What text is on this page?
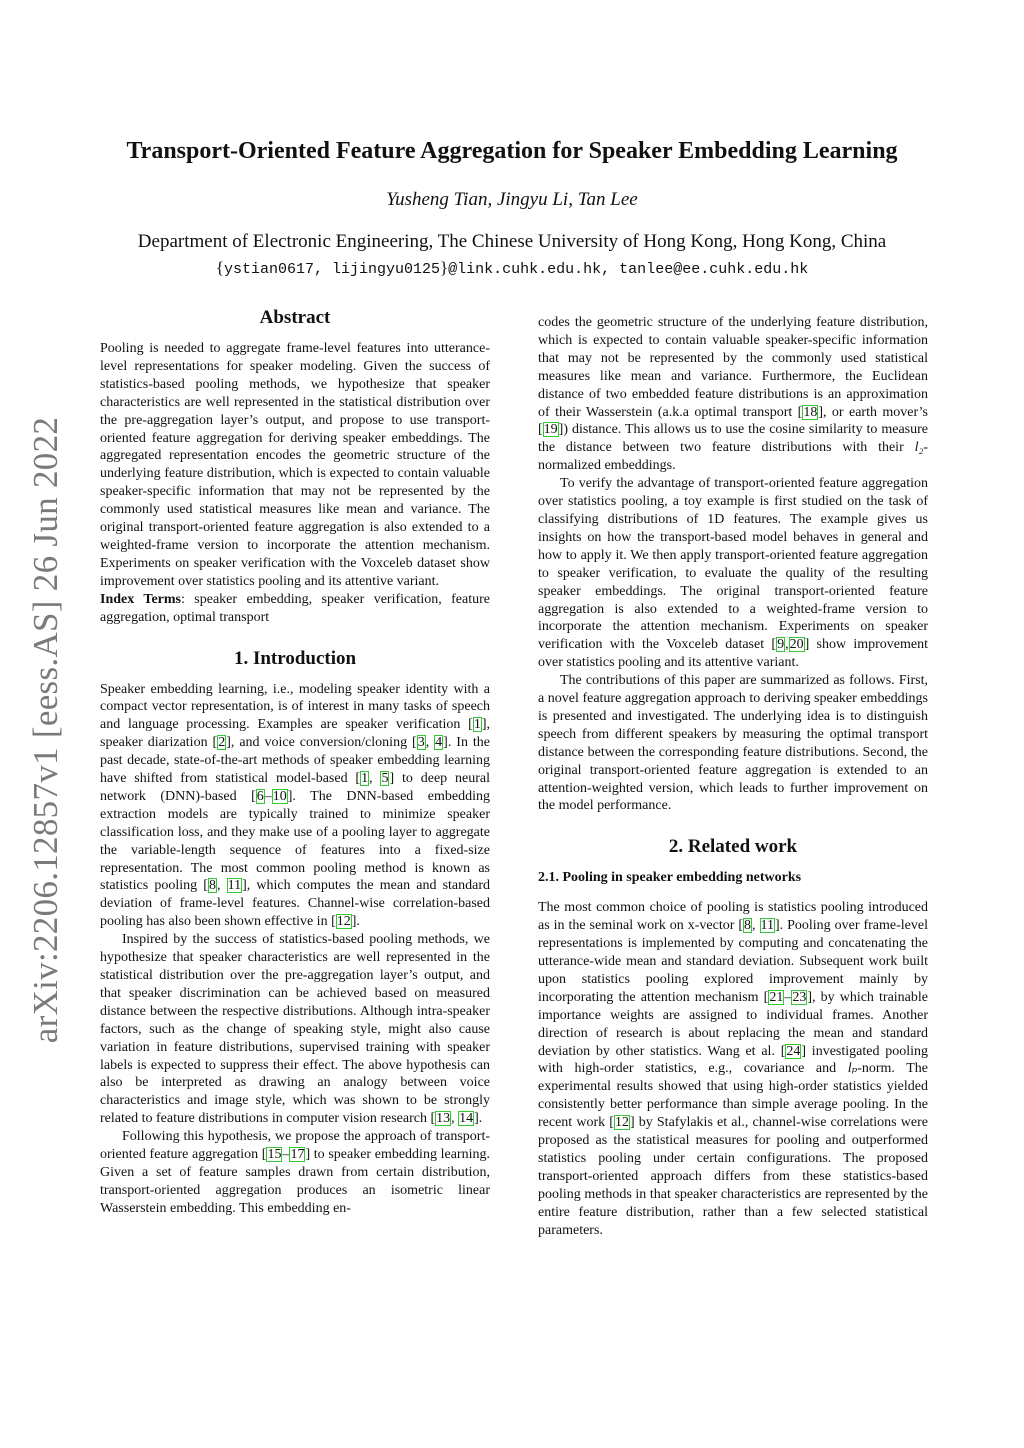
arXiv:2206.12857v1 [eess.AS] 26 Jun 2022
Transport-Oriented Feature Aggregation for Speaker Embedding Learning
Yusheng Tian, Jingyu Li, Tan Lee
Department of Electronic Engineering, The Chinese University of Hong Kong, Hong Kong, China
{ystian0617, lijingyu0125}@link.cuhk.edu.hk, tanlee@ee.cuhk.edu.hk
Abstract

Pooling is needed to aggregate frame-level features into utterance-level representations for speaker modeling. Given the success of statistics-based pooling methods, we hypothesize that speaker characteristics are well represented in the statistical distribution over the pre-aggregation layer’s output, and propose to use transport-oriented feature aggregation for deriving speaker embeddings. The aggregated representation encodes the geometric structure of the underlying feature distribution, which is expected to contain valuable speaker-specific information that may not be represented by the commonly used statistical measures like mean and variance. The original transport-oriented feature aggregation is also extended to a weighted-frame version to incorporate the attention mechanism. Experiments on speaker verification with the Voxceleb dataset show improvement over statistics pooling and its attentive variant.

Index Terms: speaker embedding, speaker verification, feature aggregation, optimal transport

1. Introduction

Speaker embedding learning, i.e., modeling speaker identity with a compact vector representation, is of interest in many tasks of speech and language processing. Examples are speaker verification [1], speaker diarization [2], and voice conversion/cloning [3, 4]. In the past decade, state-of-the-art methods of speaker embedding learning have shifted from statistical model-based [1, 5] to deep neural network (DNN)-based [6–10]. The DNN-based embedding extraction models are typically trained to minimize speaker classification loss, and they make use of a pooling layer to aggregate the variable-length sequence of features into a fixed-size representation. The most common pooling method is known as statistics pooling [8, 11], which computes the mean and standard deviation of frame-level features. Channel-wise correlation-based pooling has also been shown effective in [12].

Inspired by the success of statistics-based pooling methods, we hypothesize that speaker characteristics are well represented in the statistical distribution over the pre-aggregation layer’s output, and that speaker discrimination can be achieved based on measured distance between the respective distributions. Although intra-speaker factors, such as the change of speaking style, might also cause variation in feature distributions, supervised training with speaker labels is expected to suppress their effect. The above hypothesis can also be interpreted as drawing an analogy between voice characteristics and image style, which was shown to be strongly related to feature distributions in computer vision research [13, 14].

Following this hypothesis, we propose the approach of transport-oriented feature aggregation [15–17] to speaker embedding learning. Given a set of feature samples drawn from certain distribution, transport-oriented aggregation produces an isometric linear Wasserstein embedding. This embedding en-

codes the geometric structure of the underlying feature distribution, which is expected to contain valuable speaker-specific information that may not be represented by the commonly used statistical measures like mean and variance. Furthermore, the Euclidean distance of two embedded feature distributions is an approximation of their Wasserstein (a.k.a optimal transport [18], or earth mover’s [19]) distance. This allows us to use the cosine similarity to measure the distance between two feature distributions with their l₂-normalized embeddings.

To verify the advantage of transport-oriented feature aggregation over statistics pooling, a toy example is first studied on the task of classifying distributions of 1D features. The example gives us insights on how the transport-based model behaves in general and how to apply it. We then apply transport-oriented feature aggregation to speaker verification, to evaluate the quality of the resulting speaker embeddings. The original transport-oriented feature aggregation is also extended to a weighted-frame version to incorporate the attention mechanism. Experiments on speaker verification with the Voxceleb dataset [9,20] show improvement over statistics pooling and its attentive variant.

The contributions of this paper are summarized as follows. First, a novel feature aggregation approach to deriving speaker embeddings is presented and investigated. The underlying idea is to distinguish speech from different speakers by measuring the optimal transport distance between the corresponding feature distributions. Second, the original transport-oriented feature aggregation is extended to an attention-weighted version, which leads to further improvement on the model performance.

2. Related work
2.1. Pooling in speaker embedding networks

The most common choice of pooling is statistics pooling introduced as in the seminal work on x-vector [8, 11]. Pooling over frame-level representations is implemented by computing and concatenating the utterance-wide mean and standard deviation. Subsequent work built upon statistics pooling explored improvement mainly by incorporating the attention mechanism [21–23], by which trainable importance weights are assigned to individual frames. Another direction of research is about replacing the mean and standard deviation by other statistics. Wang et al. [24] investigated pooling with high-order statistics, e.g., covariance and lₚ-norm. The experimental results showed that using high-order statistics yielded consistently better performance than simple average pooling. In the recent work [12] by Stafylakis et al., channel-wise correlations were proposed as the statistical measures for pooling and outperformed statistics pooling under certain configurations. The proposed transport-oriented approach differs from these statistics-based pooling methods in that speaker characteristics are represented by the entire feature distribution, rather than a few selected statistical parameters.
